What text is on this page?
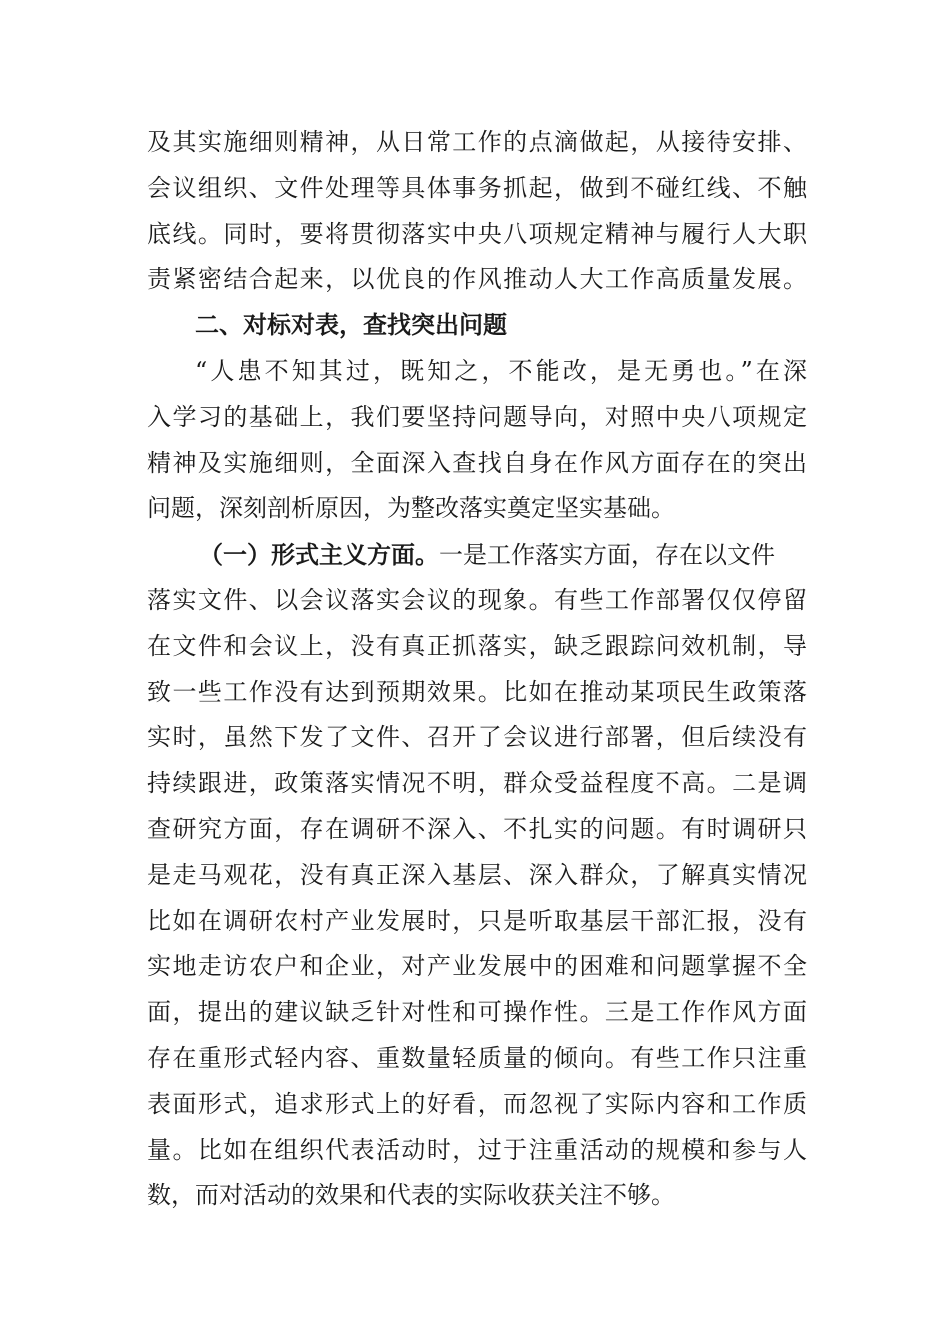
及其实施细则精神，从日常工作的点滴做起，从接待安排、
会议组织、文件处理等具体事务抓起，做到不碰红线、不触
底线。同时，要将贯彻落实中央八项规定精神与履行人大职
责紧密结合起来，以优良的作风推动人大工作高质量发展。
二、对标对表，查找突出问题
“人患不知其过，既知之，不能改，是无勇也。”在深
入学习的基础上，我们要坚持问题导向，对照中央八项规定
精神及实施细则，全面深入查找自身在作风方面存在的突出
问题，深刻剖析原因，为整改落实奠定坚实基础。
（一）形式主义方面。一是工作落实方面，存在以文件
落实文件、以会议落实会议的现象。有些工作部署仅仅停留
在文件和会议上，没有真正抓落实，缺乏跟踪问效机制，导
致一些工作没有达到预期效果。比如在推动某项民生政策落
实时，虽然下发了文件、召开了会议进行部署，但后续没有
持续跟进，政策落实情况不明，群众受益程度不高。二是调
查研究方面，存在调研不深入、不扎实的问题。有时调研只
是走马观花，没有真正深入基层、深入群众，了解真实情况
比如在调研农村产业发展时，只是听取基层干部汇报，没有
实地走访农户和企业，对产业发展中的困难和问题掌握不全
面，提出的建议缺乏针对性和可操作性。三是工作作风方面
存在重形式轻内容、重数量轻质量的倾向。有些工作只注重
表面形式，追求形式上的好看，而忽视了实际内容和工作质
量。比如在组织代表活动时，过于注重活动的规模和参与人
数，而对活动的效果和代表的实际收获关注不够。
